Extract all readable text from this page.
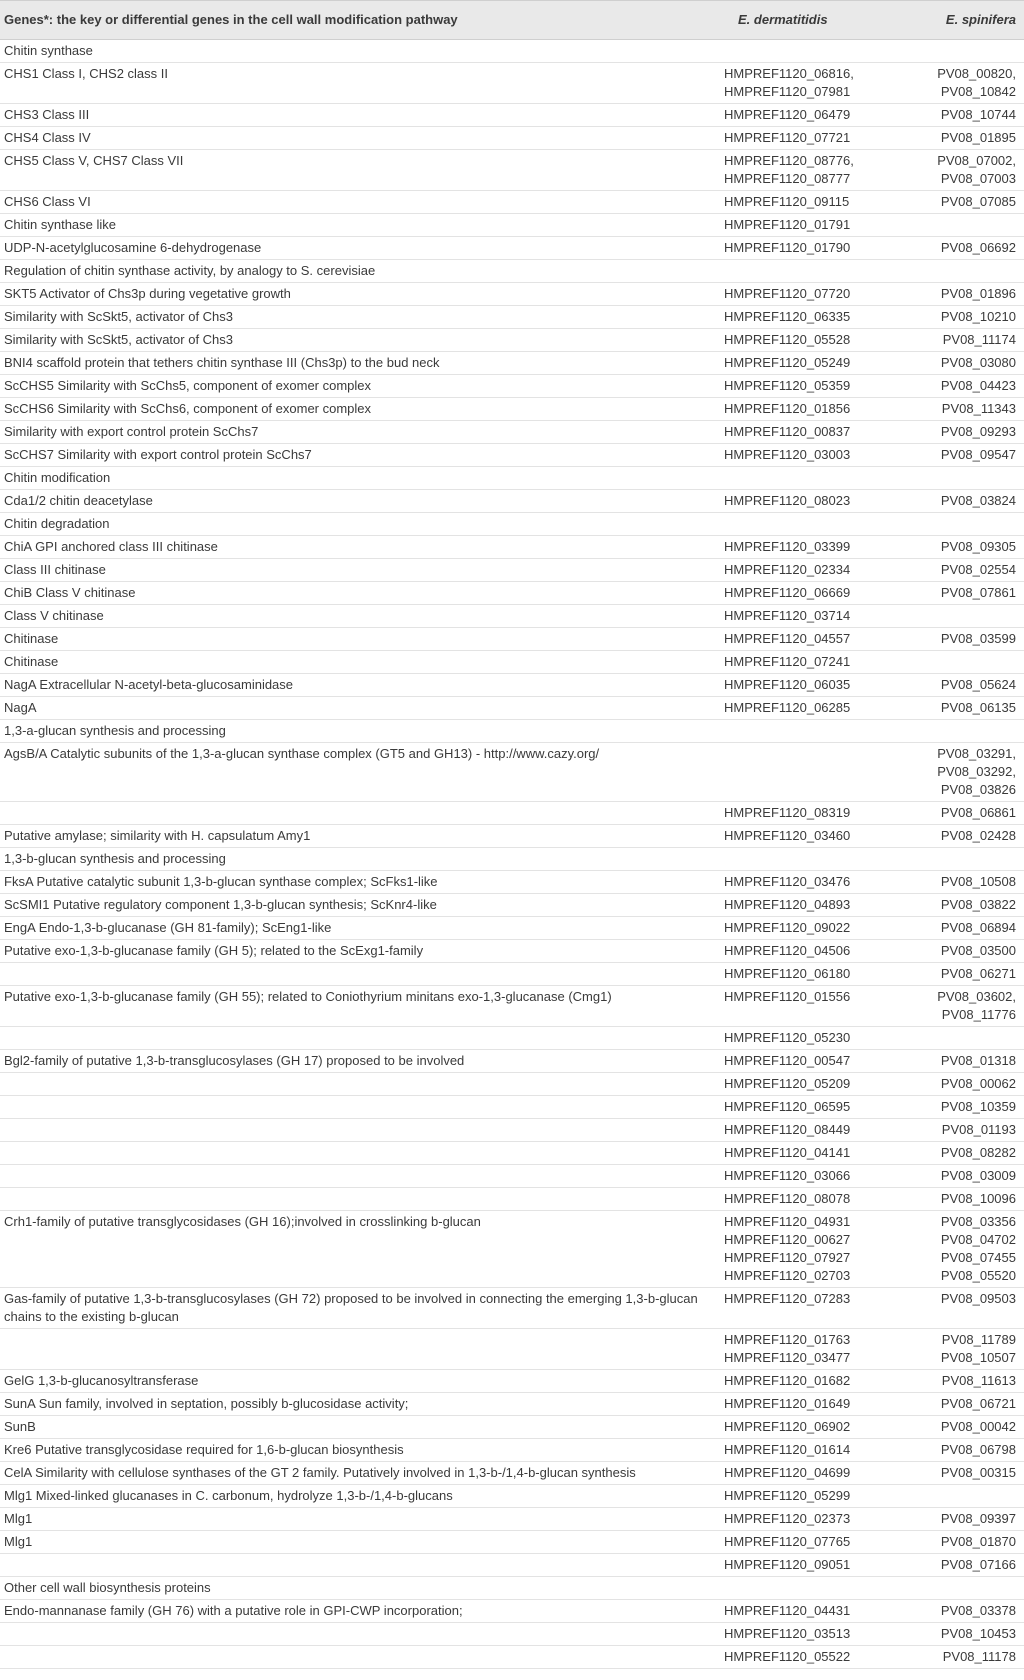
Genes*: the key or differential genes in the cell wall modification pathway	E. dermatitidis	E. spinifera
Chitin synthase		
CHS1 Class I, CHS2 class II	HMPREF1120_06816,
HMPREF1120_07981	PV08_00820,
PV08_10842

CHS3 Class III	HMPREF1120_06479	PV08_10744

CHS4 Class IV	HMPREF1120_07721	PV08_01895

CHS5 Class V, CHS7 Class VII	HMPREF1120_08776,
HMPREF1120_08777	PV08_07002,
PV08_07003

CHS6 Class VI	HMPREF1120_09115	PV08_07085

Chitin synthase like	HMPREF1120_01791	

UDP-N-acetylglucosamine 6-dehydrogenase	HMPREF1120_01790	PV08_06692

Regulation of chitin synthase activity, by analogy to S. cerevisiae		
SKT5 Activator of Chs3p during vegetative growth	HMPREF1120_07720	PV08_01896

Similarity with ScSkt5, activator of Chs3	HMPREF1120_06335	PV08_10210

Similarity with ScSkt5, activator of Chs3	HMPREF1120_05528	PV08_11174

BNI4 scaffold protein that tethers chitin synthase III (Chs3p) to the bud neck	HMPREF1120_05249	PV08_03080

ScCHS5 Similarity with ScChs5, component of exomer complex	HMPREF1120_05359	PV08_04423

ScCHS6 Similarity with ScChs6, component of exomer complex	HMPREF1120_01856	PV08_11343

Similarity with export control protein ScChs7	HMPREF1120_00837	PV08_09293

ScCHS7 Similarity with export control protein ScChs7	HMPREF1120_03003	PV08_09547

Chitin modification		
Cda1/2 chitin deacetylase	HMPREF1120_08023	PV08_03824

Chitin degradation		
ChiA GPI anchored class III chitinase	HMPREF1120_03399	PV08_09305

Class III chitinase	HMPREF1120_02334	PV08_02554

ChiB Class V chitinase	HMPREF1120_06669	PV08_07861

Class V chitinase	HMPREF1120_03714	

Chitinase	HMPREF1120_04557	PV08_03599

Chitinase	HMPREF1120_07241	

NagA Extracellular N-acetyl-beta-glucosaminidase	HMPREF1120_06035	PV08_05624

NagA	HMPREF1120_06285	PV08_06135

1,3-a-glucan synthesis and processing		
AgsB/A Catalytic subunits of the 1,3-a-glucan synthase complex (GT5 and GH13) - http://www.cazy.org/		PV08_03291,
PV08_03292,
PV08_03826

	HMPREF1120_08319	PV08_06861

Putative amylase; similarity with H. capsulatum Amy1	HMPREF1120_03460	PV08_02428

1,3-b-glucan synthesis and processing		
FksA Putative catalytic subunit 1,3-b-glucan synthase complex; ScFks1-like	HMPREF1120_03476	PV08_10508

ScSMI1 Putative regulatory component 1,3-b-glucan synthesis; ScKnr4-like	HMPREF1120_04893	PV08_03822

EngA Endo-1,3-b-glucanase (GH 81-family); ScEng1-like	HMPREF1120_09022	PV08_06894

Putative exo-1,3-b-glucanase family (GH 5); related to the ScExg1-family	HMPREF1120_04506	PV08_03500

	HMPREF1120_06180	PV08_06271

Putative exo-1,3-b-glucanase family (GH 55); related to Coniothyrium minitans exo-1,3-glucanase (Cmg1)	HMPREF1120_01556	PV08_03602,
PV08_11776

	HMPREF1120_05230	

Bgl2-family of putative 1,3-b-transglucosylases (GH 17) proposed to be involved	HMPREF1120_00547	PV08_01318

	HMPREF1120_05209	PV08_00062

	HMPREF1120_06595	PV08_10359

	HMPREF1120_08449	PV08_01193

	HMPREF1120_04141	PV08_08282

	HMPREF1120_03066	PV08_03009

	HMPREF1120_08078	PV08_10096

Crh1-family of putative transglycosidases (GH 16);involved in crosslinking b-glucan	HMPREF1120_04931
HMPREF1120_00627
HMPREF1120_07927
HMPREF1120_02703	PV08_03356
PV08_04702
PV08_07455
PV08_05520

Gas-family of putative 1,3-b-transglucosylases (GH 72) proposed to be involved in connecting the emerging 1,3-b-glucan chains to the existing b-glucan	HMPREF1120_07283	PV08_09503

	HMPREF1120_01763
HMPREF1120_03477	PV08_11789
PV08_10507

GelG 1,3-b-glucanosyltransferase	HMPREF1120_01682	PV08_11613

SunA Sun family, involved in septation, possibly b-glucosidase activity;	HMPREF1120_01649	PV08_06721

SunB	HMPREF1120_06902	PV08_00042

Kre6 Putative transglycosidase required for 1,6-b-glucan biosynthesis	HMPREF1120_01614	PV08_06798

CelA Similarity with cellulose synthases of the GT 2 family. Putatively involved in 1,3-b-/1,4-b-glucan synthesis	HMPREF1120_04699	PV08_00315

Mlg1 Mixed-linked glucanases in C. carbonum, hydrolyze 1,3-b-/1,4-b-glucans	HMPREF1120_05299	

Mlg1	HMPREF1120_02373	PV08_09397

Mlg1	HMPREF1120_07765	PV08_01870

	HMPREF1120_09051	PV08_07166

Other cell wall biosynthesis proteins		
Endo-mannanase family (GH 76) with a putative role in GPI-CWP incorporation;	HMPREF1120_04431	PV08_03378

	HMPREF1120_03513	PV08_10453

	HMPREF1120_05522	PV08_11178
